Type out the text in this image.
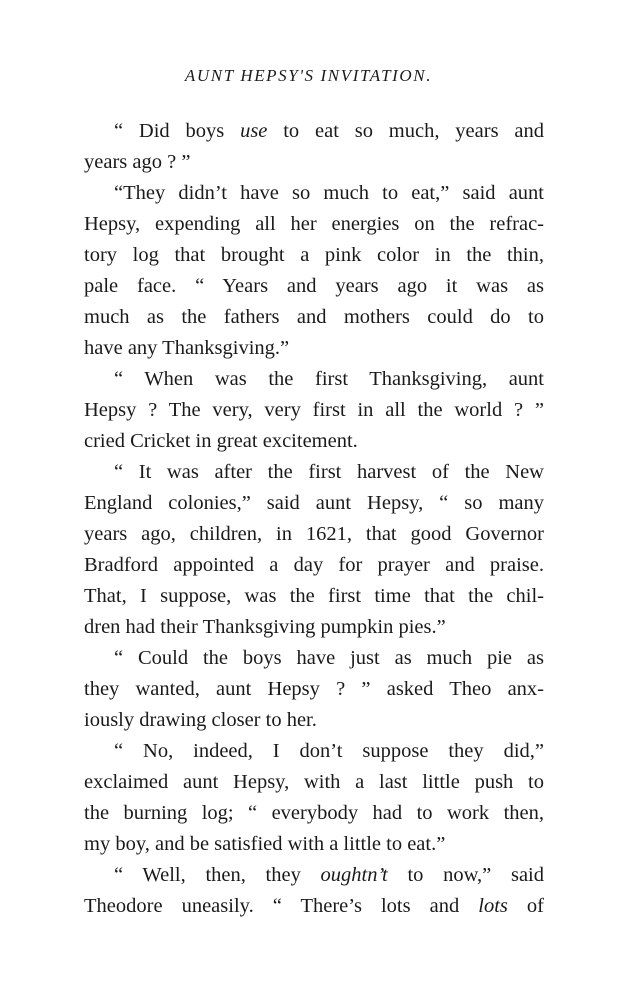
AUNT HEPSY'S INVITATION.
“ Did boys use to eat so much, years and
years ago ? ”
“They didn’t have so much to eat,” said aunt
Hepsy, expending all her energies on the refrac-
tory log that brought a pink color in the thin,
pale face. “ Years and years ago it was as
much as the fathers and mothers could do to
have any Thanksgiving.”
“ When was the first Thanksgiving, aunt
Hepsy ? The very, very first in all the world ? ”
cried Cricket in great excitement.
“ It was after the first harvest of the New
England colonies,” said aunt Hepsy, “ so many
years ago, children, in 1621, that good Governor
Bradford appointed a day for prayer and praise.
That, I suppose, was the first time that the chil-
dren had their Thanksgiving pumpkin pies.”
“ Could the boys have just as much pie as
they wanted, aunt Hepsy ? ” asked Theo anx-
iously drawing closer to her.
“ No, indeed, I don’t suppose they did,”
exclaimed aunt Hepsy, with a last little push to
the burning log; “ everybody had to work then,
my boy, and be satisfied with a little to eat.”
“ Well, then, they oughtn’t to now,” said
Theodore uneasily. “ There’s lots and lots of
